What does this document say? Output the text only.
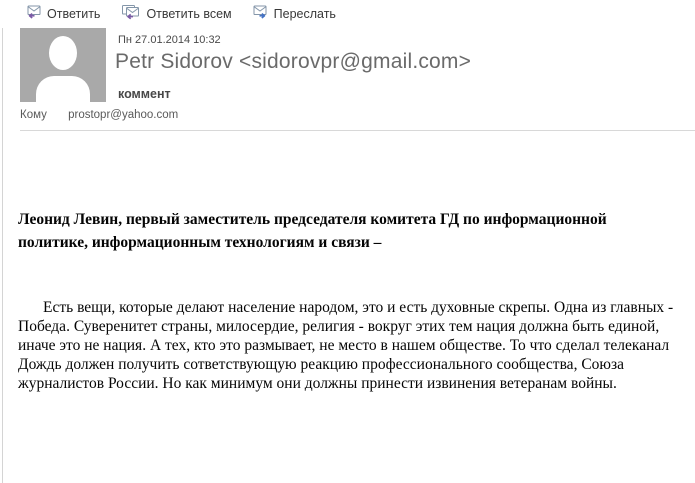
Ответить	Ответить всем	Переслать
Пн 27.01.2014 10:32
Petr Sidorov <sidorovpr@gmail.com>
коммент
Кому prostopr@yahoo.com
Леонид Левин, первый заместитель председателя комитета ГД по информационной политике, информационным технологиям и связи –
Есть вещи, которые делают население народом, это и есть духовные скрепы. Одна из главных - Победа. Суверенитет страны, милосердие, религия - вокруг этих тем нация должна быть единой, иначе это не нация. А тех, кто это размывает, не место в нашем обществе. То что сделал телеканал Дождь должен получить сответствующую реакцию профессионального сообщества, Союза журналистов России. Но как минимум они должны принести извинения ветеранам войны.
